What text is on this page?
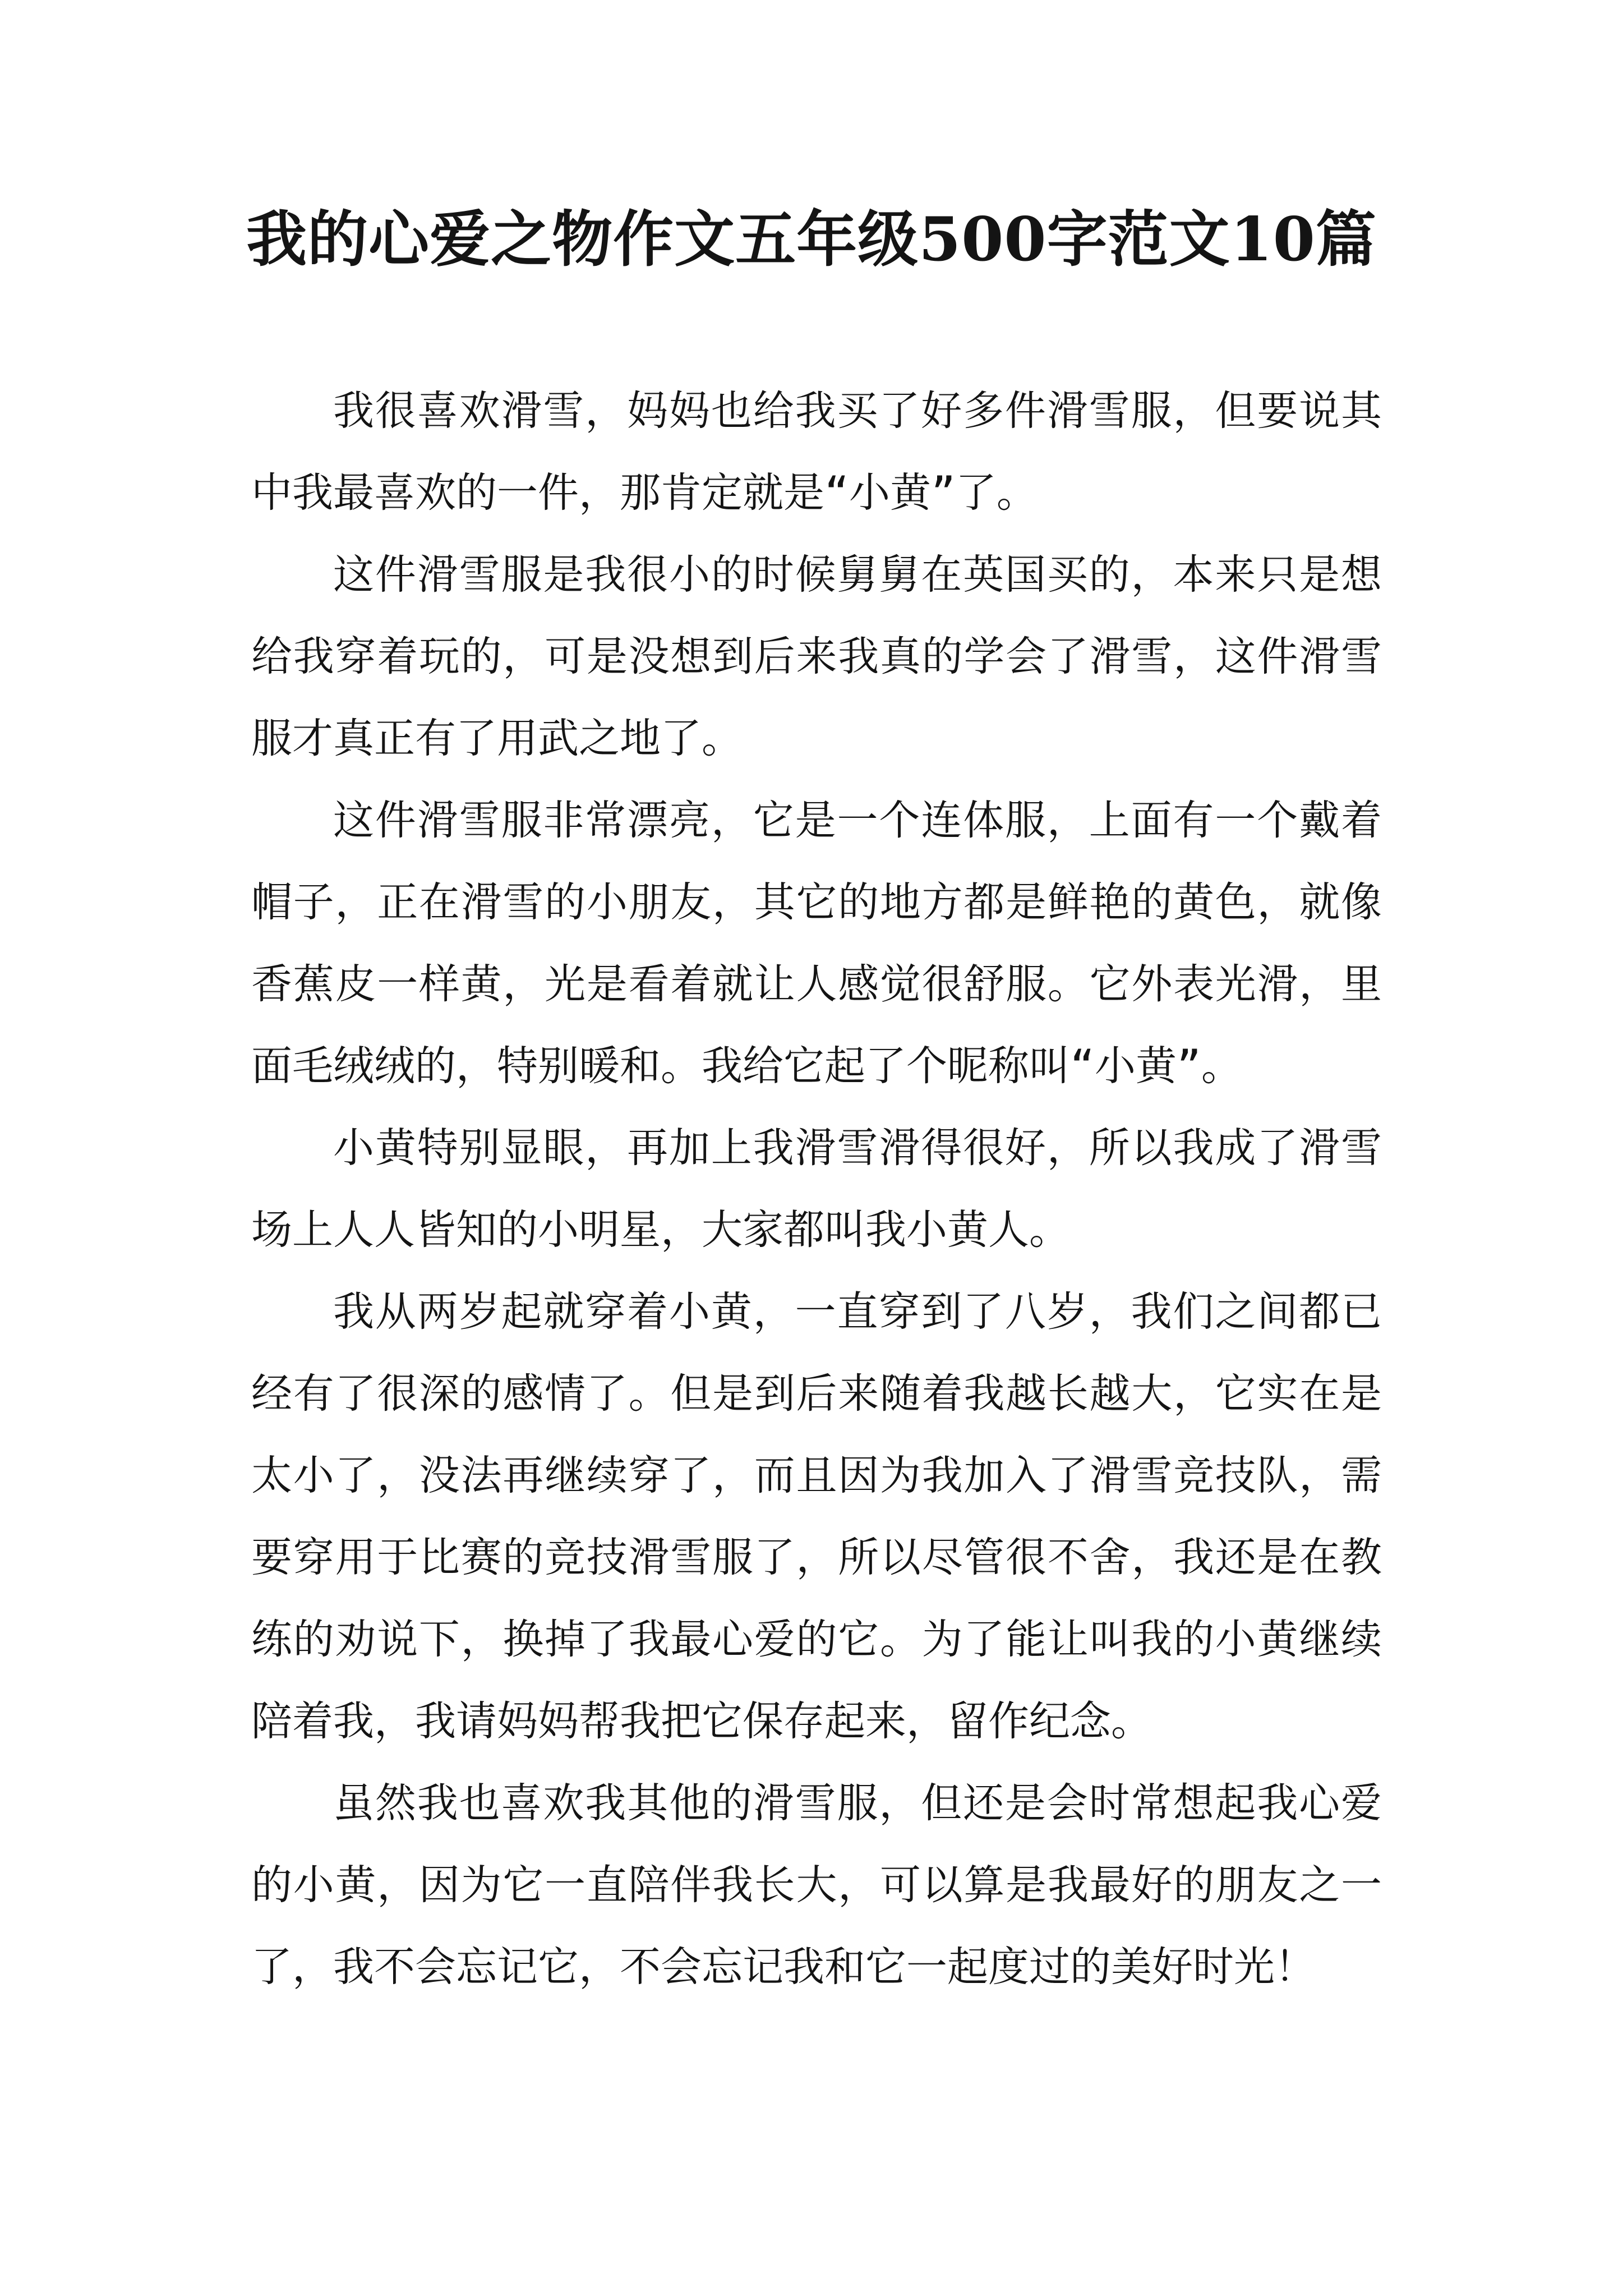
我的心爱之物作文五年级500字范文10篇

我很喜欢滑雪，妈妈也给我买了好多件滑雪服，但要说其中我最喜欢的一件，那肯定就是“小黄”了。

这件滑雪服是我很小的时候舅舅在英国买的，本来只是想给我穿着玩的，可是没想到后来我真的学会了滑雪，这件滑雪服才真正有了用武之地了。

这件滑雪服非常漂亮，它是一个连体服，上面有一个戴着帽子，正在滑雪的小朋友，其它的地方都是鲜艳的黄色，就像香蕉皮一样黄，光是看着就让人感觉很舒服。它外表光滑，里面毛绒绒的，特别暖和。我给它起了个昵称叫“小黄”。

小黄特别显眼，再加上我滑雪滑得很好，所以我成了滑雪场上人人皆知的小明星，大家都叫我小黄人。

我从两岁起就穿着小黄，一直穿到了八岁，我们之间都已经有了很深的感情了。但是到后来随着我越长越大，它实在是太小了，没法再继续穿了，而且因为我加入了滑雪竞技队，需要穿用于比赛的竞技滑雪服了，所以尽管很不舍，我还是在教练的劝说下，换掉了我最心爱的它。为了能让叫我的小黄继续陪着我，我请妈妈帮我把它保存起来，留作纪念。

虽然我也喜欢我其他的滑雪服，但还是会时常想起我心爱的小黄，因为它一直陪伴我长大，可以算是我最好的朋友之一了，我不会忘记它，不会忘记我和它一起度过的美好时光！
